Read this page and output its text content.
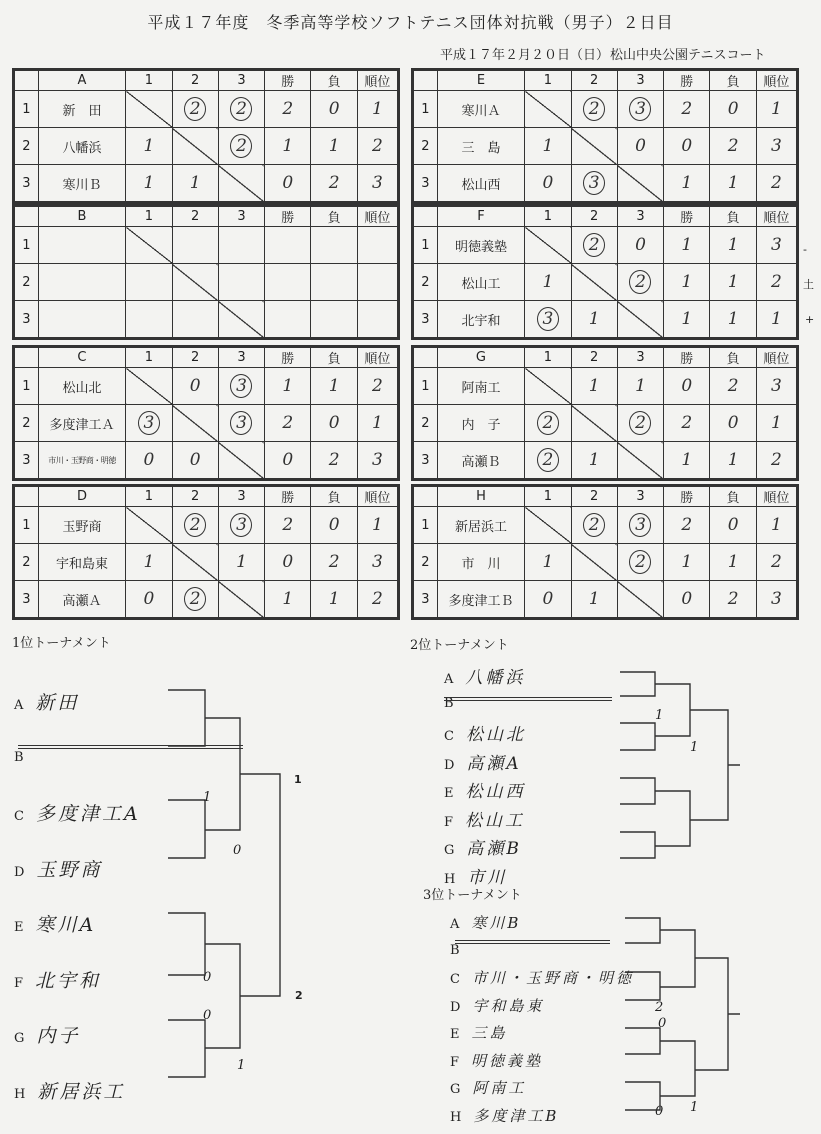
平成１７年度　冬季高等学校ソフトテニス団体対抗戦（男子）２日目
平成１７年２月２０日（日） 松山中央公園テニスコート
	A	1	2	3	勝	負	順位
1	新　田		2	2	2	0	1
2	八幡浜	1		2	1	1	2
3	寒川Ｂ	1	1		0	2	3
	E	1	2	3	勝	負	順位
1	寒川Ａ		2	3	2	0	1
2	三　島	1		0	0	2	3
3	松山西	0	3		1	1	2
	B	1	2	3	勝	負	順位
1							
2							
3							
	F	1	2	3	勝	負	順位
1	明徳義塾		2	0	1	1	3
2	松山工	1		2	1	1	2
3	北宇和	3	1		1	1	1
	C	1	2	3	勝	負	順位
1	松山北		0	3	1	1	2
2	多度津工Ａ	3		3	2	0	1
3	市川・玉野商・明徳	0	0		0	2	3
	G	1	2	3	勝	負	順位
1	阿南工		1	1	0	2	3
2	内　子	2		2	2	0	1
3	高瀬Ｂ	2	1		1	1	2
	D	1	2	3	勝	負	順位
1	玉野商		2	3	2	0	1
2	宇和島東	1		1	0	2	3
3	高瀬Ａ	0	2		1	1	2
	H	1	2	3	勝	負	順位
1	新居浜工		2	3	2	0	1
2	市　川	1		2	1	1	2
3	多度津工Ｂ	0	1		0	2	3
-
土
+
1位トーナメント
A 新田
B
C 多度津工A
D 玉野商
E 寒川A
F 北宇和
G 内子
H 新居浜工
1
2
1
0
0
0
1
2位トーナメント
A 八幡浜
B
C 松山北
D 高瀬A
E 松山西
F 松山工
G 高瀬B
H 市川
1
1
3位トーナメント
A 寒川B
B
C 市川・玉野商・明徳
D 宇和島東
E 三島
F 明徳義塾
G 阿南工
H 多度津工B
2
0
0 1
